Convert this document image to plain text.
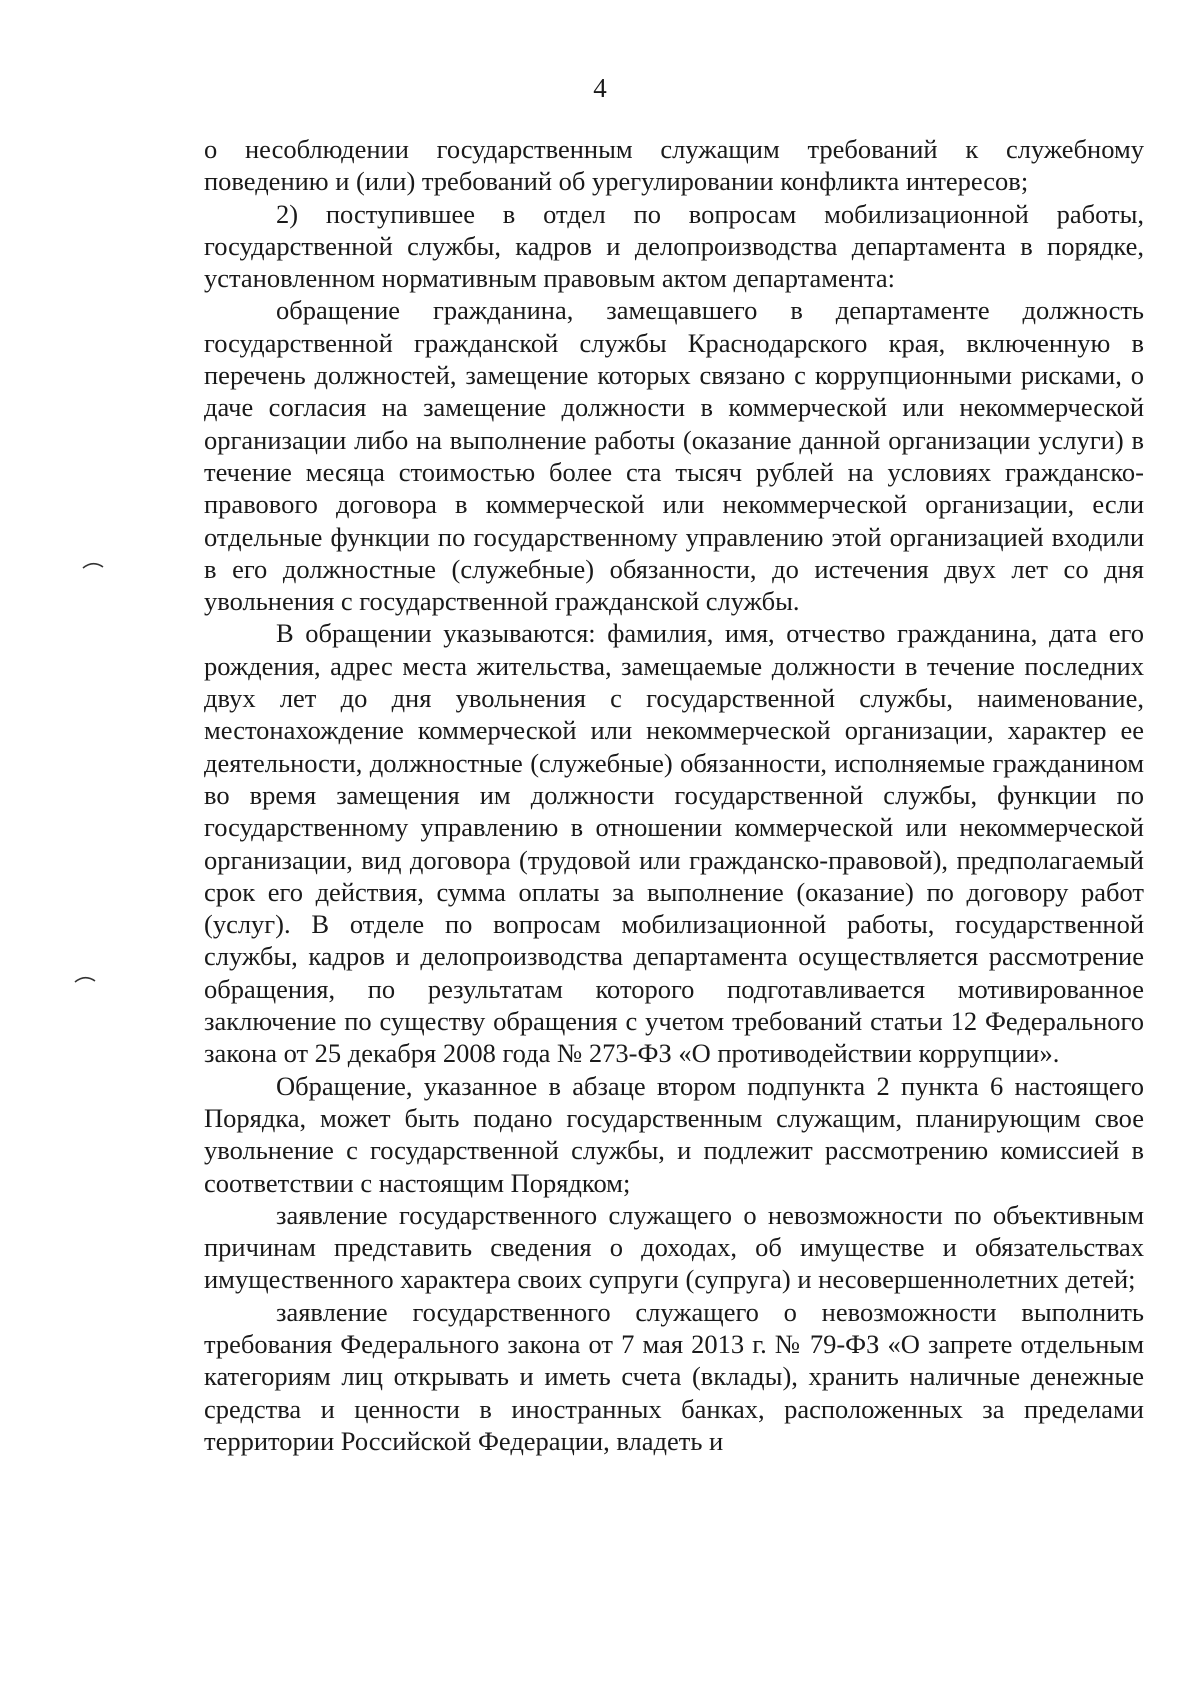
4

о несоблюдении государственным служащим требований к служебному поведению и (или) требований об урегулировании конфликта интересов;

2) поступившее в отдел по вопросам мобилизационной работы, государственной службы, кадров и делопроизводства департамента в порядке, установленном нормативным правовым актом департамента:

обращение гражданина, замещавшего в департаменте должность государственной гражданской службы Краснодарского края, включенную в перечень должностей, замещение которых связано с коррупционными рисками, о даче согласия на замещение должности в коммерческой или некоммерческой организации либо на выполнение работы (оказание данной организации услуги) в течение месяца стоимостью более ста тысяч рублей на условиях гражданско-правового договора в коммерческой или некоммерческой организации, если отдельные функции по государственному управлению этой организацией входили в его должностные (служебные) обязанности, до истечения двух лет со дня увольнения с государственной гражданской службы.

В обращении указываются: фамилия, имя, отчество гражданина, дата его рождения, адрес места жительства, замещаемые должности в течение последних двух лет до дня увольнения с государственной службы, наименование, местонахождение коммерческой или некоммерческой организации, характер ее деятельности, должностные (служебные) обязанности, исполняемые гражданином во время замещения им должности государственной службы, функции по государственному управлению в отношении коммерческой или некоммерческой организации, вид договора (трудовой или гражданско-правовой), предполагаемый срок его действия, сумма оплаты за выполнение (оказание) по договору работ (услуг). В отделе по вопросам мобилизационной работы, государственной службы, кадров и делопроизводства департамента осуществляется рассмотрение обращения, по результатам которого подготавливается мотивированное заключение по существу обращения с учетом требований статьи 12 Федерального закона от 25 декабря 2008 года № 273-ФЗ «О противодействии коррупции».

Обращение, указанное в абзаце втором подпункта 2 пункта 6 настоящего Порядка, может быть подано государственным служащим, планирующим свое увольнение с государственной службы, и подлежит рассмотрению комиссией в соответствии с настоящим Порядком;

заявление государственного служащего о невозможности по объективным причинам представить сведения о доходах, об имуществе и обязательствах имущественного характера своих супруги (супруга) и несовершеннолетних детей;

заявление государственного служащего о невозможности выполнить требования Федерального закона от 7 мая 2013 г. № 79-ФЗ «О запрете отдельным категориям лиц открывать и иметь счета (вклады), хранить наличные денежные средства и ценности в иностранных банках, расположенных за пределами территории Российской Федерации, владеть и
